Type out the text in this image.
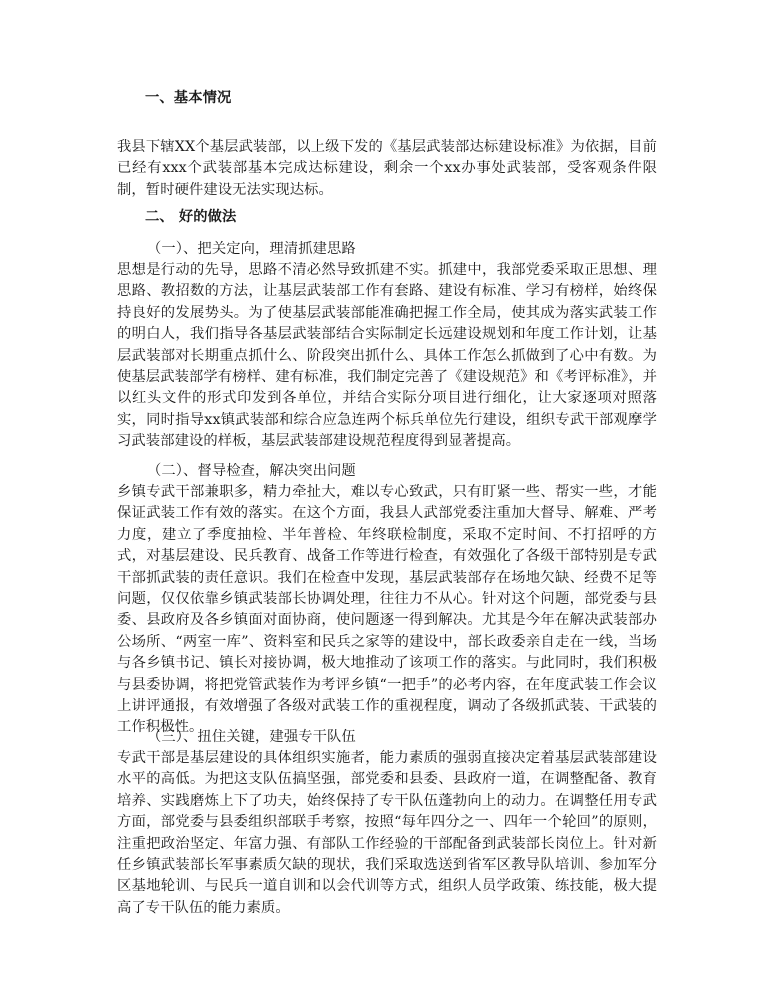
一、基本情况

我县下辖XX个基层武装部，以上级下发的《基层武装部达标建设标准》为依据，目前已经有xxx个武装部基本完成达标建设，剩余一个xx办事处武装部，受客观条件限制，暂时硬件建设无法实现达标。

二、 好的做法
（一）、把关定向，理清抓建思路

思想是行动的先导，思路不清必然导致抓建不实。抓建中，我部党委采取正思想、理思路、教招数的方法，让基层武装部工作有套路、建设有标准、学习有榜样，始终保持良好的发展势头。为了使基层武装部能准确把握工作全局，使其成为落实武装工作的明白人，我们指导各基层武装部结合实际制定长远建设规划和年度工作计划，让基层武装部对长期重点抓什么、阶段突出抓什么、具体工作怎么抓做到了心中有数。为使基层武装部学有榜样、建有标准，我们制定完善了《建设规范》和《考评标准》，并以红头文件的形式印发到各单位，并结合实际分项目进行细化，让大家逐项对照落实，同时指导xx镇武装部和综合应急连两个标兵单位先行建设，组织专武干部观摩学习武装部建设的样板，基层武装部建设规范程度得到显著提高。

（二）、督导检查，解决突出问题

乡镇专武干部兼职多，精力牵扯大，难以专心致武，只有盯紧一些、帮实一些，才能保证武装工作有效的落实。在这个方面，我县人武部党委注重加大督导、解难、严考力度，建立了季度抽检、半年普检、年终联检制度，采取不定时间、不打招呼的方式，对基层建设、民兵教育、战备工作等进行检查，有效强化了各级干部特别是专武干部抓武装的责任意识。我们在检查中发现，基层武装部存在场地欠缺、经费不足等问题，仅仅依靠乡镇武装部长协调处理，往往力不从心。针对这个问题，部党委与县委、县政府及各乡镇面对面协商，使问题逐一得到解决。尤其是今年在解决武装部办公场所、“两室一库”、资料室和民兵之家等的建设中，部长政委亲自走在一线，当场与各乡镇书记、镇长对接协调，极大地推动了该项工作的落实。与此同时，我们积极与县委协调，将把党管武装作为考评乡镇“一把手”的必考内容，在年度武装工作会议上讲评通报，有效增强了各级对武装工作的重视程度，调动了各级抓武装、干武装的工作积极性。

（三）、扭住关键，建强专干队伍

专武干部是基层建设的具体组织实施者，能力素质的强弱直接决定着基层武装部建设水平的高低。为把这支队伍搞坚强，部党委和县委、县政府一道，在调整配备、教育培养、实践磨炼上下了功夫，始终保持了专干队伍蓬勃向上的动力。在调整任用专武方面，部党委与县委组织部联手考察，按照“每年四分之一、四年一个轮回”的原则，注重把政治坚定、年富力强、有部队工作经验的干部配备到武装部长岗位上。针对新任乡镇武装部长军事素质欠缺的现状，我们采取选送到省军区教导队培训、参加军分区基地轮训、与民兵一道自训和以会代训等方式，组织人员学政策、练技能，极大提高了专干队伍的能力素质。
